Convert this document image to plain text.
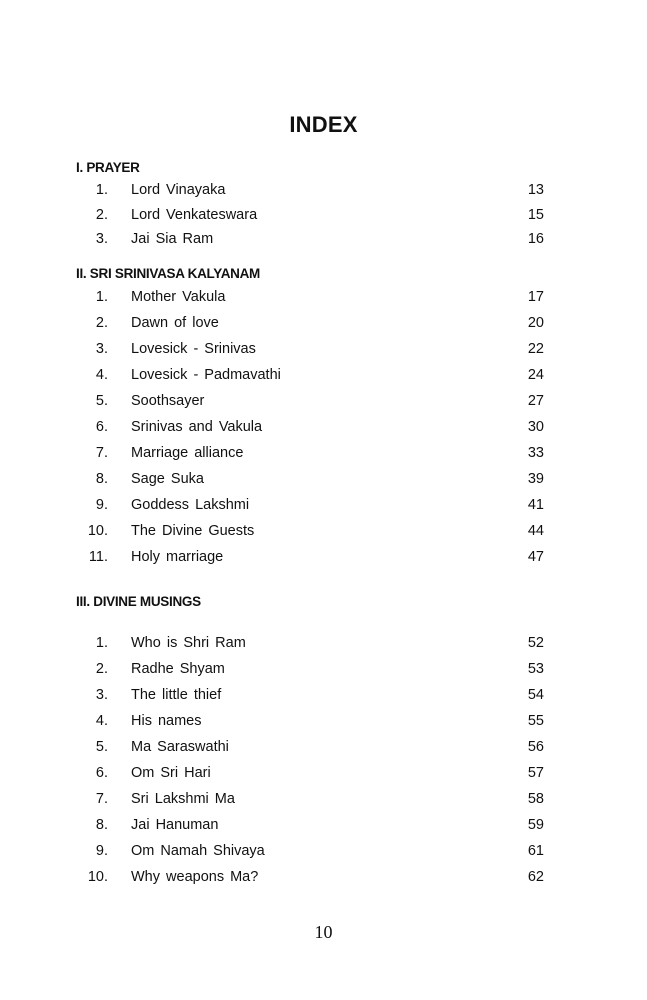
INDEX
I. PRAYER
1. Lord Vinayaka	13
2. Lord Venkateswara	15
3. Jai Sia Ram	16
II. SRI SRINIVASA KALYANAM
1. Mother Vakula	17
2. Dawn of love	20
3. Lovesick - Srinivas	22
4. Lovesick - Padmavathi	24
5. Soothsayer	27
6. Srinivas and Vakula	30
7. Marriage alliance	33
8. Sage Suka	39
9. Goddess Lakshmi	41
10. The Divine Guests	44
11. Holy marriage	47
III. DIVINE MUSINGS
1. Who is Shri Ram	52
2. Radhe Shyam	53
3. The little thief	54
4. His names	55
5. Ma Saraswathi	56
6. Om Sri Hari	57
7. Sri Lakshmi Ma	58
8. Jai Hanuman	59
9. Om Namah Shivaya	61
10. Why weapons Ma?	62
10
